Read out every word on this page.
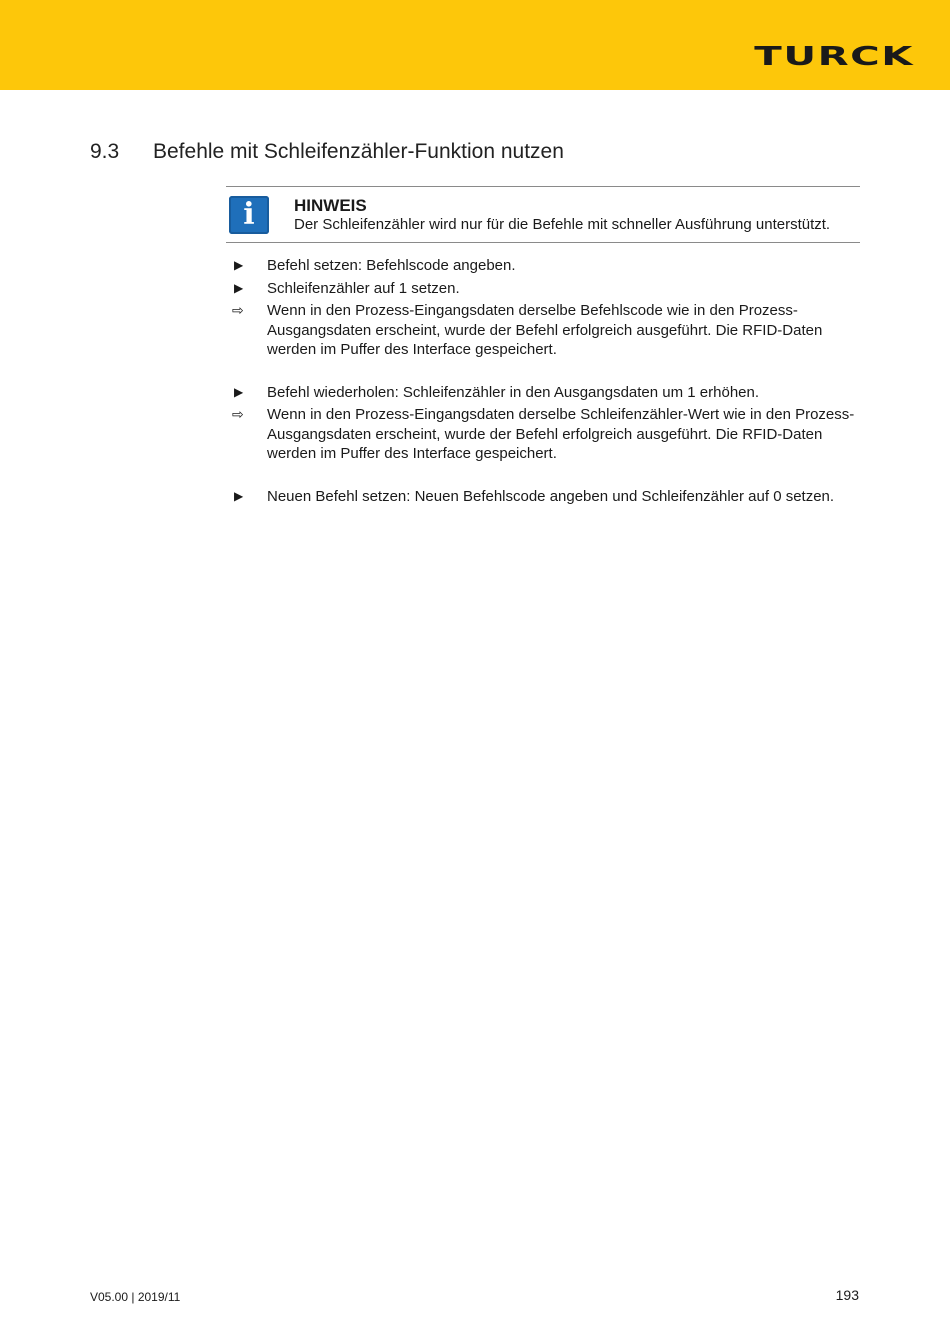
TURCK
9.3 Befehle mit Schleifenzähler-Funktion nutzen
i	HINWEIS
Der Schleifenzähler wird nur für die Befehle mit schneller Ausführung unterstützt.
▶	Befehl setzen: Befehlscode angeben.
▶	Schleifenzähler auf 1 setzen.
⇨	Wenn in den Prozess-Eingangsdaten derselbe Befehlscode wie in den Prozess-Ausgangsdaten erscheint, wurde der Befehl erfolgreich ausgeführt. Die RFID-Daten werden im Puffer des Interface gespeichert.
▶	Befehl wiederholen: Schleifenzähler in den Ausgangsdaten um 1 erhöhen.
⇨	Wenn in den Prozess-Eingangsdaten derselbe Schleifenzähler-Wert wie in den Prozess-Ausgangsdaten erscheint, wurde der Befehl erfolgreich ausgeführt. Die RFID-Daten werden im Puffer des Interface gespeichert.
▶	Neuen Befehl setzen: Neuen Befehlscode angeben und Schleifenzähler auf 0 setzen.
V05.00 | 2019/11	193
